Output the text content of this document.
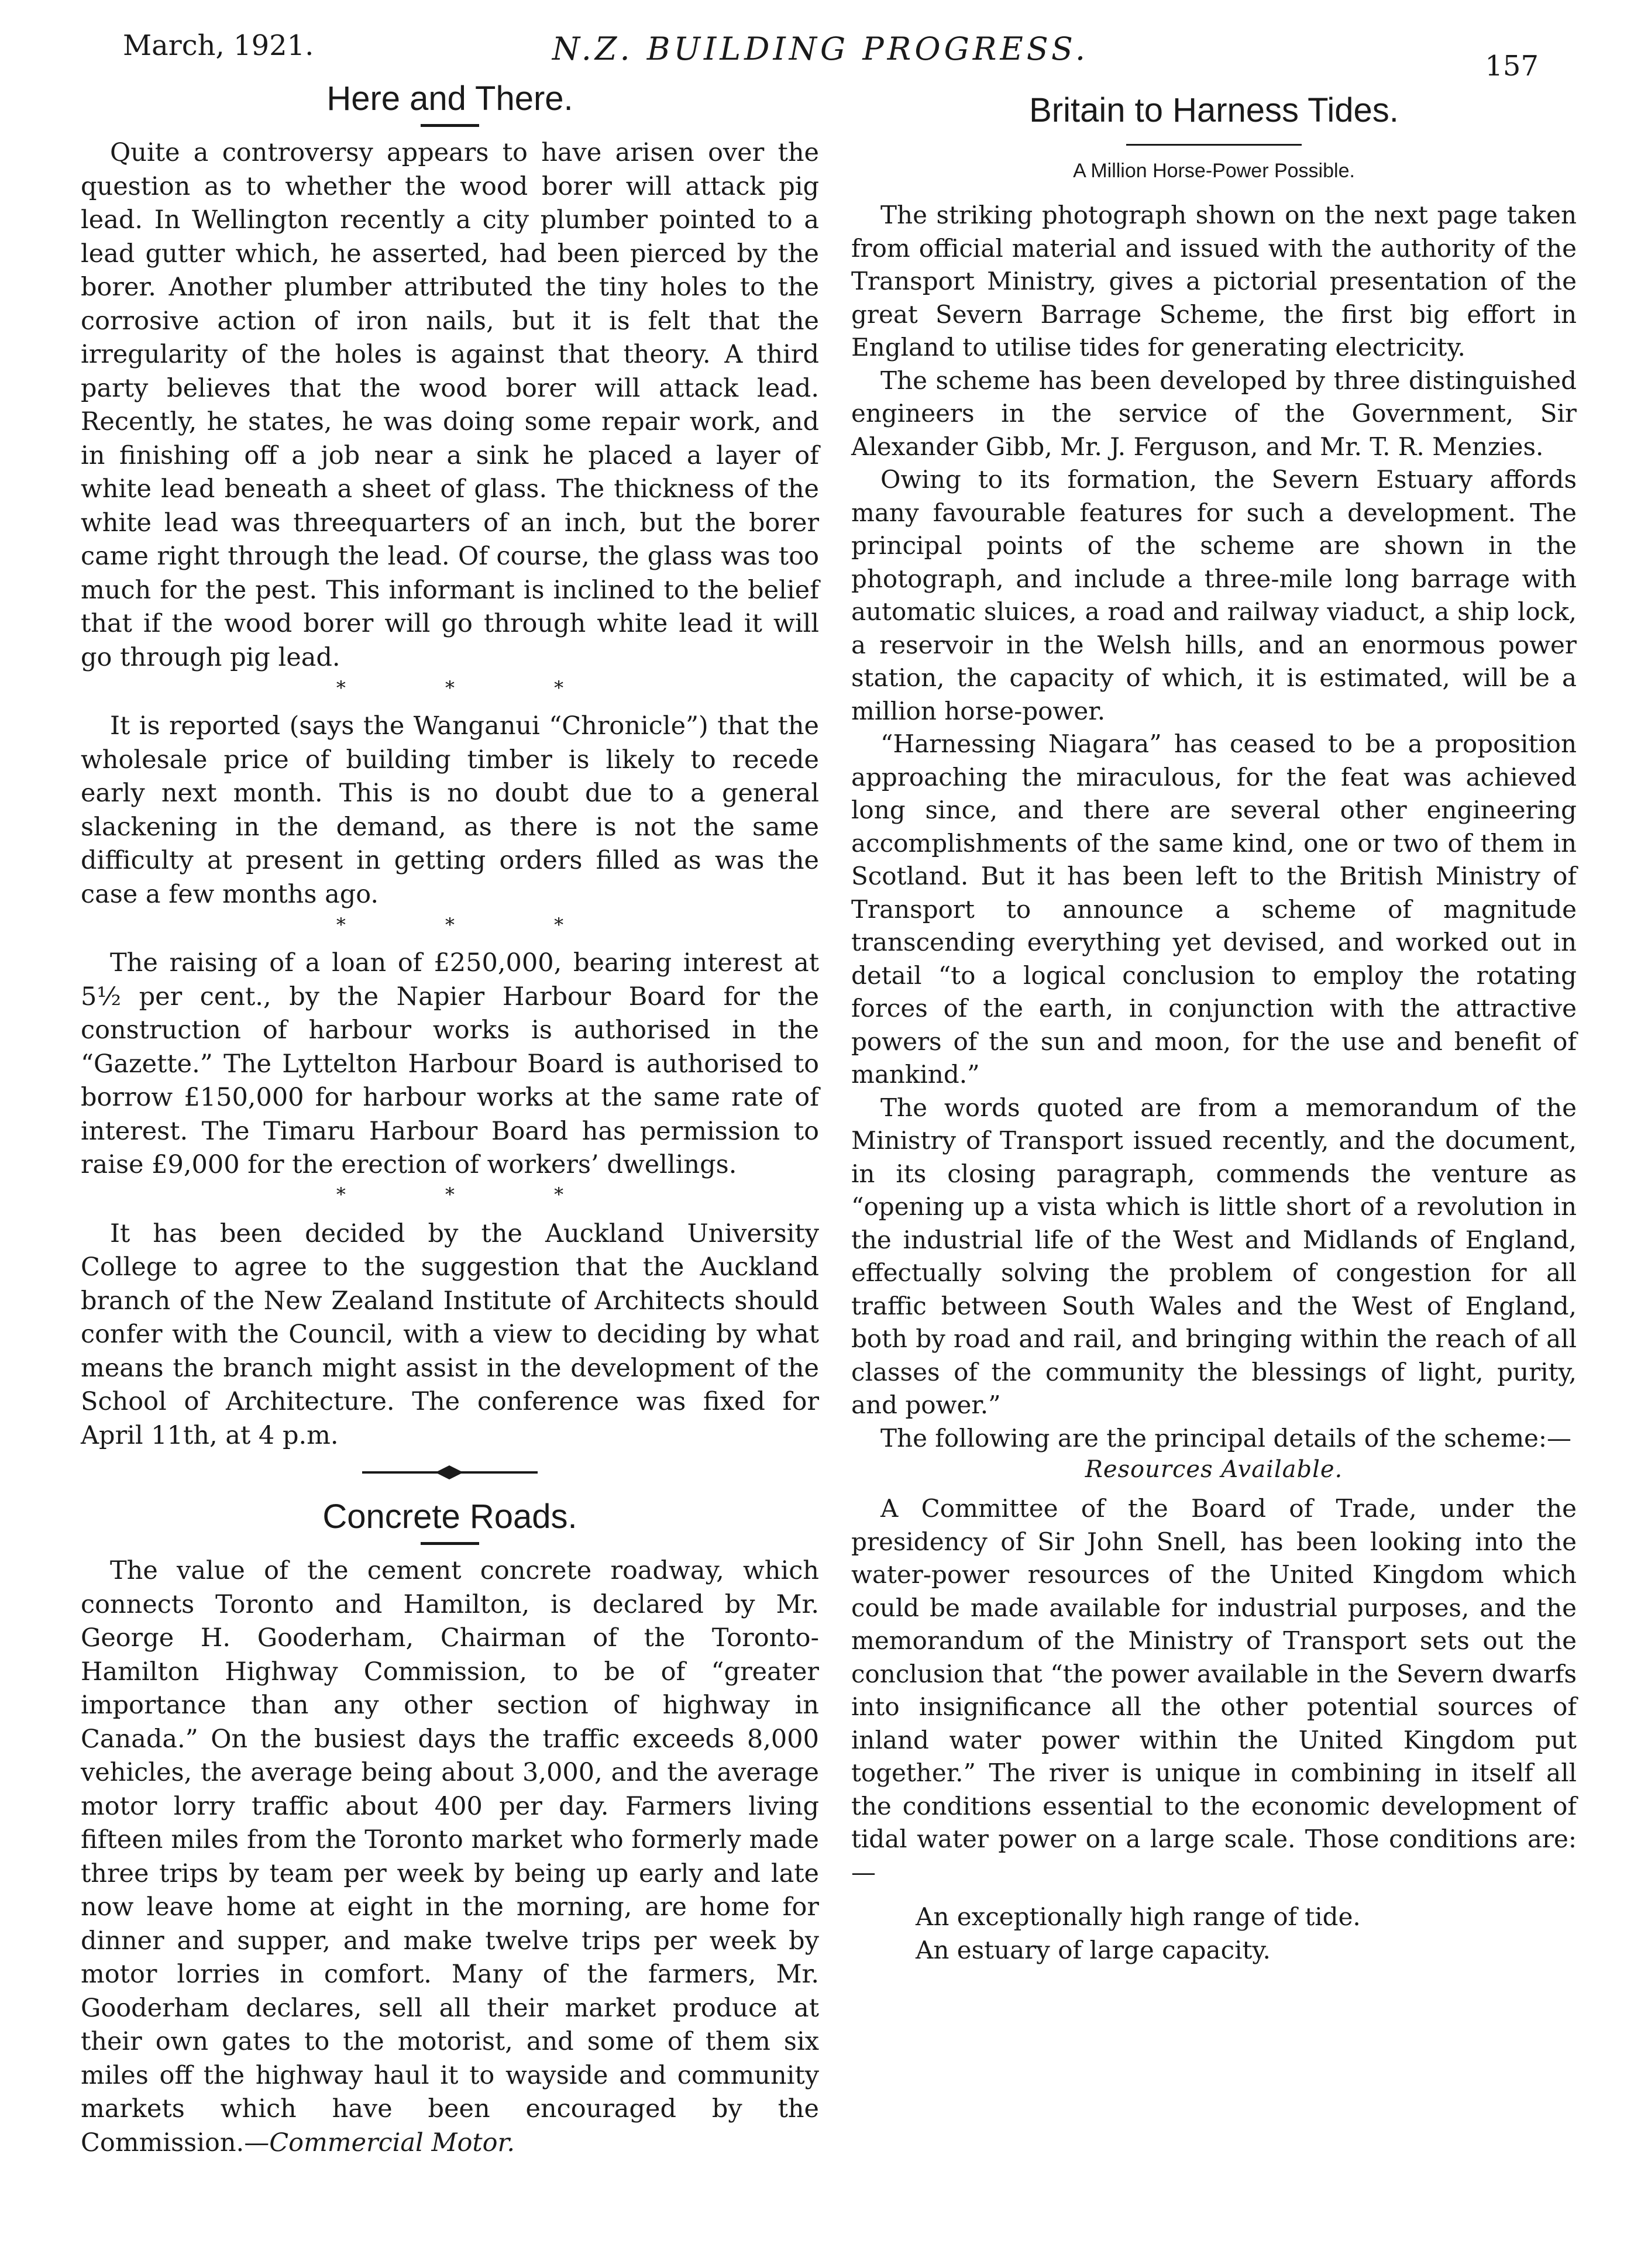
March, 1921.	N.Z. BUILDING PROGRESS.	157
Here and There.

Quite a controversy appears to have arisen over the question as to whether the wood borer will attack pig lead. In Wellington recently a city plumber pointed to a lead gutter which, he asserted, had been pierced by the borer. Another plumber attributed the tiny holes to the corrosive action of iron nails, but it is felt that the irregularity of the holes is against that theory. A third party believes that the wood borer will attack lead. Recently, he states, he was doing some repair work, and in finishing off a job near a sink he placed a layer of white lead beneath a sheet of glass. The thickness of the white lead was threequarters of an inch, but the borer came right through the lead. Of course, the glass was too much for the pest. This informant is inclined to the belief that if the wood borer will go through white lead it will go through pig lead.

* * *

It is reported (says the Wanganui “Chronicle”) that the wholesale price of building timber is likely to recede early next month. This is no doubt due to a general slackening in the demand, as there is not the same difficulty at present in getting orders filled as was the case a few months ago.

* * *

The raising of a loan of £250,000, bearing interest at 5½ per cent., by the Napier Harbour Board for the construction of harbour works is authorised in the “Gazette.” The Lyttelton Harbour Board is authorised to borrow £150,000 for harbour works at the same rate of interest. The Timaru Harbour Board has permission to raise £9,000 for the erection of workers’ dwellings.

* * *

It has been decided by the Auckland University College to agree to the suggestion that the Auckland branch of the New Zealand Institute of Architects should confer with the Council, with a view to deciding by what means the branch might assist in the development of the School of Architecture. The conference was fixed for April 11th, at 4 p.m.

Concrete Roads.

The value of the cement concrete roadway, which connects Toronto and Hamilton, is declared by Mr. George H. Gooderham, Chairman of the Toronto-Hamilton Highway Commission, to be of “greater importance than any other section of highway in Canada.” On the busiest days the traffic exceeds 8,000 vehicles, the average being about 3,000, and the average motor lorry traffic about 400 per day. Farmers living fifteen miles from the Toronto market who formerly made three trips by team per week by being up early and late now leave home at eight in the morning, are home for dinner and supper, and make twelve trips per week by motor lorries in comfort. Many of the farmers, Mr. Gooderham declares, sell all their market produce at their own gates to the motorist, and some of them six miles off the highway haul it to wayside and community markets which have been encouraged by the Commission.—Commercial Motor.

Britain to Harness Tides.
A Million Horse-Power Possible.

The striking photograph shown on the next page taken from official material and issued with the authority of the Transport Ministry, gives a pictorial presentation of the great Severn Barrage Scheme, the first big effort in England to utilise tides for generating electricity.

The scheme has been developed by three distinguished engineers in the service of the Government, Sir Alexander Gibb, Mr. J. Ferguson, and Mr. T. R. Menzies.

Owing to its formation, the Severn Estuary affords many favourable features for such a development. The principal points of the scheme are shown in the photograph, and include a three-mile long barrage with automatic sluices, a road and railway viaduct, a ship lock, a reservoir in the Welsh hills, and an enormous power station, the capacity of which, it is estimated, will be a million horse-power.

“Harnessing Niagara” has ceased to be a proposition approaching the miraculous, for the feat was achieved long since, and there are several other engineering accomplishments of the same kind, one or two of them in Scotland. But it has been left to the British Ministry of Transport to announce a scheme of magnitude transcending everything yet devised, and worked out in detail “to a logical conclusion to employ the rotating forces of the earth, in conjunction with the attractive powers of the sun and moon, for the use and benefit of mankind.”

The words quoted are from a memorandum of the Ministry of Transport issued recently, and the document, in its closing paragraph, commends the venture as “opening up a vista which is little short of a revolution in the industrial life of the West and Midlands of England, effectually solving the problem of congestion for all traffic between South Wales and the West of England, both by road and rail, and bringing within the reach of all classes of the community the blessings of light, purity, and power.”

The following are the principal details of the scheme:—

Resources Available.

A Committee of the Board of Trade, under the presidency of Sir John Snell, has been looking into the water-power resources of the United Kingdom which could be made available for industrial purposes, and the memorandum of the Ministry of Transport sets out the conclusion that “the power available in the Severn dwarfs into insignificance all the other potential sources of inland water power within the United Kingdom put together.” The river is unique in combining in itself all the conditions essential to the economic development of tidal water power on a large scale. Those conditions are:—

An exceptionally high range of tide.

An estuary of large capacity.
